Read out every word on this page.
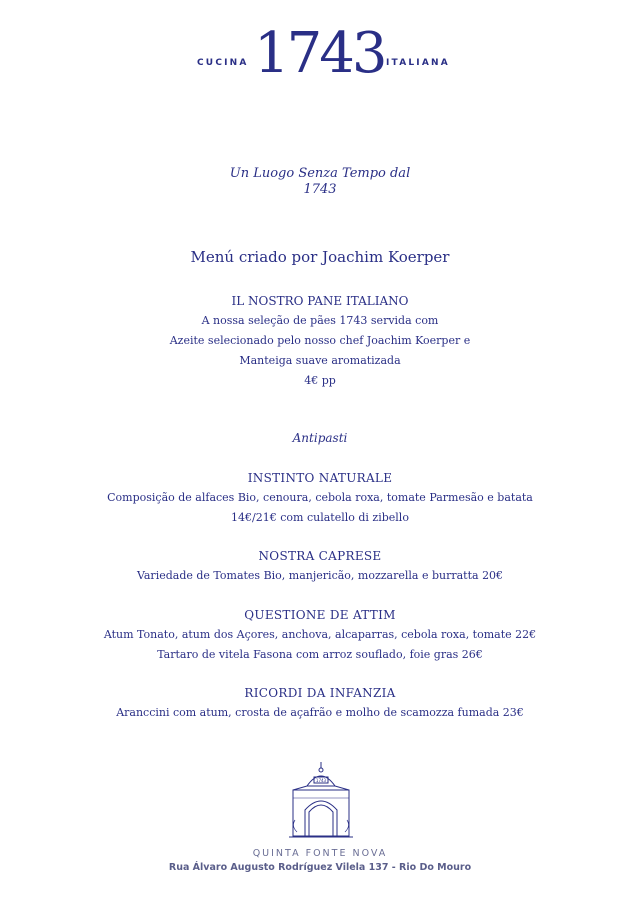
CUCINA 1743 ITALIANA
Un Luogo Senza Tempo dal
1743
Menú criado por Joachim Koerper
IL NOSTRO PANE ITALIANO
A nossa seleção de pães 1743 servida com
Azeite selecionado pelo nosso chef Joachim Koerper e
Manteiga suave aromatizada
4€ pp
Antipasti
INSTINTO NATURALE
Composição de alfaces Bio, cenoura, cebola roxa, tomate Parmesão e batata
14€/21€ com culatello di zibello
NOSTRA CAPRESE
Variedade de Tomates Bio, manjericão, mozzarella e burratta 20€
QUESTIONE DE ATTIM
Atum Tonato, atum dos Açores, anchova, alcaparras, cebola roxa, tomate 22€
Tartaro de vitela Fasona com arroz souflado, foie gras 26€
RICORDI DA INFANZIA
Aranccini com atum, crosta de açafrão e molho de scamozza fumada 23€
1743
QUINTA FONTE NOVA
Rua Álvaro Augusto Rodríguez Vilela 137 - Rio Do Mouro
